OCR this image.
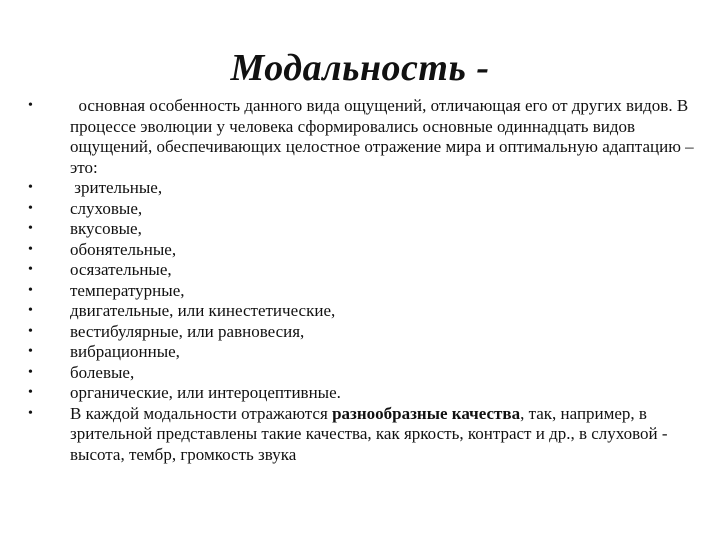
Модальность -
•	основная особенность данного вида ощущений, отличающая его от других видов. В процессе эволюции у человека сформировались основные одиннадцать видов ощущений, обеспечивающих целостное отражение мира и оптимальную адаптацию – это:
•	зрительные,
•	слуховые,
•	вкусовые,
•	обонятельные,
•	осязательные,
•	температурные,
•	двигательные, или кинестетические,
•	вестибулярные, или равновесия,
•	вибрационные,
•	болевые,
•	органические, или интероцептивные.
•	В каждой модальности отражаются разнообразные качества, так, например, в зрительной представлены такие качества, как яркость, контраст и др., в слуховой - высота, тембр, громкость звука
